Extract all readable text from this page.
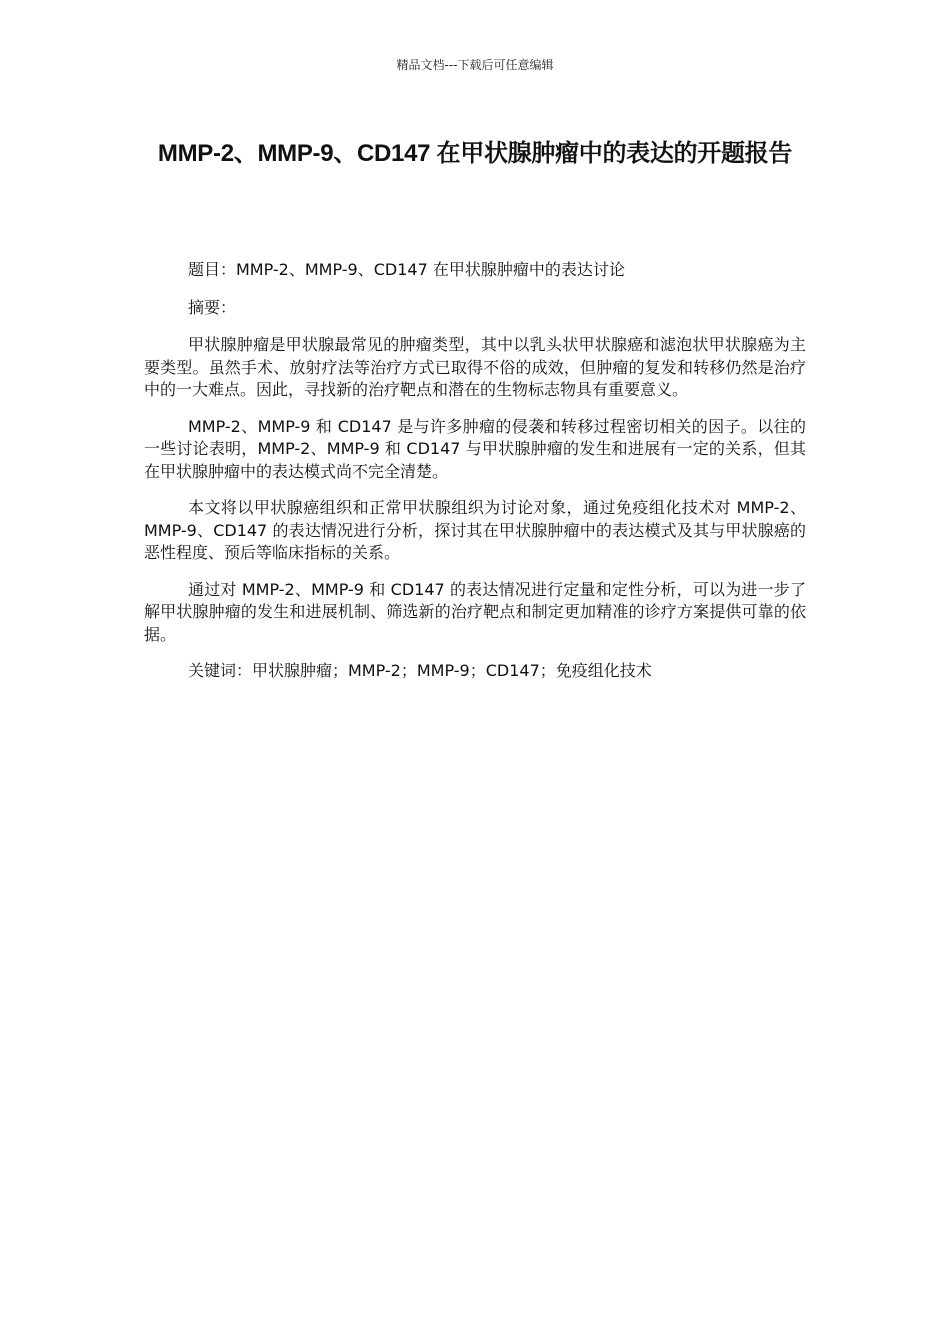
精品文档---下载后可任意编辑
MMP-2、MMP-9、CD147 在甲状腺肿瘤中的表达的开题报告

题目：MMP-2、MMP-9、CD147 在甲状腺肿瘤中的表达讨论

摘要：

甲状腺肿瘤是甲状腺最常见的肿瘤类型，其中以乳头状甲状腺癌和滤泡状甲状腺癌为主要类型。虽然手术、放射疗法等治疗方式已取得不俗的成效，但肿瘤的复发和转移仍然是治疗中的一大难点。因此，寻找新的治疗靶点和潜在的生物标志物具有重要意义。

MMP-2、MMP-9 和 CD147 是与许多肿瘤的侵袭和转移过程密切相关的因子。以往的一些讨论表明，MMP-2、MMP-9 和 CD147 与甲状腺肿瘤的发生和进展有一定的关系，但其在甲状腺肿瘤中的表达模式尚不完全清楚。

本文将以甲状腺癌组织和正常甲状腺组织为讨论对象，通过免疫组化技术对 MMP-2、MMP-9、CD147 的表达情况进行分析，探讨其在甲状腺肿瘤中的表达模式及其与甲状腺癌的恶性程度、预后等临床指标的关系。

通过对 MMP-2、MMP-9 和 CD147 的表达情况进行定量和定性分析，可以为进一步了解甲状腺肿瘤的发生和进展机制、筛选新的治疗靶点和制定更加精准的诊疗方案提供可靠的依据。

关键词：甲状腺肿瘤；MMP-2；MMP-9；CD147；免疫组化技术
